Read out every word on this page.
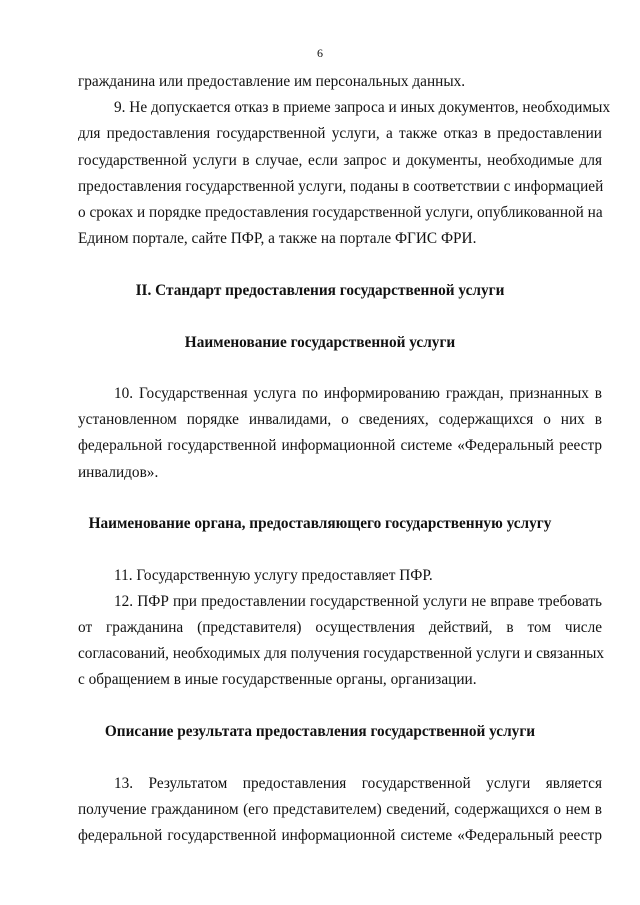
6
гражданина или предоставление им персональных данных.
9. Не допускается отказ в приеме запроса и иных документов, необходимых
для предоставления государственной услуги, а также отказ в предоставлении
государственной услуги в случае, если запрос и документы, необходимые для
предоставления государственной услуги, поданы в соответствии с информацией
о сроках и порядке предоставления государственной услуги, опубликованной на
Едином портале, сайте ПФР, а также на портале ФГИС ФРИ.
II. Стандарт предоставления государственной услуги
Наименование государственной услуги
10. Государственная услуга по информированию граждан, признанных в
установленном порядке инвалидами, о сведениях, содержащихся о них в
федеральной государственной информационной системе «Федеральный реестр
инвалидов».
Наименование органа, предоставляющего государственную услугу
11. Государственную услугу предоставляет ПФР.
12. ПФР при предоставлении государственной услуги не вправе требовать
от гражданина (представителя) осуществления действий, в том числе
согласований, необходимых для получения государственной услуги и связанных
с обращением в иные государственные органы, организации.
Описание результата предоставления государственной услуги
13. Результатом предоставления государственной услуги является
получение гражданином (его представителем) сведений, содержащихся о нем в
федеральной государственной информационной системе «Федеральный реестр
